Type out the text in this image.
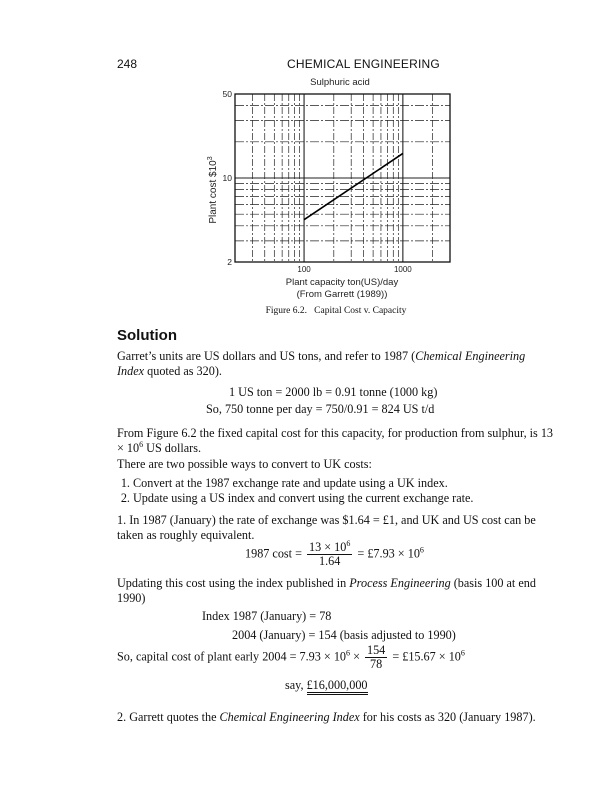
248	CHEMICAL ENGINEERING
Sulphuric acid
Plant cost $\$10^3$
100	1000
2
10
50
Plant capacity ton(US)/day
(From Garrett (1989))
Figure 6.2. Capital Cost v. Capacity
Solution
Garret’s units are US dollars and US tons, and refer to 1987 (Chemical Engineering Index quoted as 320).
1 US ton = 2000 lb = 0.91 tonne (1000 kg)
So, 750 tonne per day = 750/0.91 = 824 US t/d
From Figure 6.2 the fixed capital cost for this capacity, for production from sulphur, is $13 \times 10^6$ US dollars.
There are two possible ways to convert to UK costs:
1. Convert at the 1987 exchange rate and update using a UK index.
2. Update using a US index and convert using the current exchange rate.
1. In 1987 (January) the rate of exchange was $1.64 = £1, and UK and US cost can be taken as roughly equivalent.
1987 $\cos t = \frac{13 \times 10^6}{1.64}$ = £7.93 × $10^6$
Updating this cost using the index published in Process Engineering (basis 100 at end 1990)
Index 1987 (January) = 78
2004 (January) = 154 (basis adjusted to 1990)
So, capital cost of plant early $2004 = 7.93 \times 10^6 \times \frac{154}{78}$ = £15.67 × $10^6$
say, £16,000,000
2. Garrett quotes the Chemical Engineering Index for his costs as 320 (January 1987).
